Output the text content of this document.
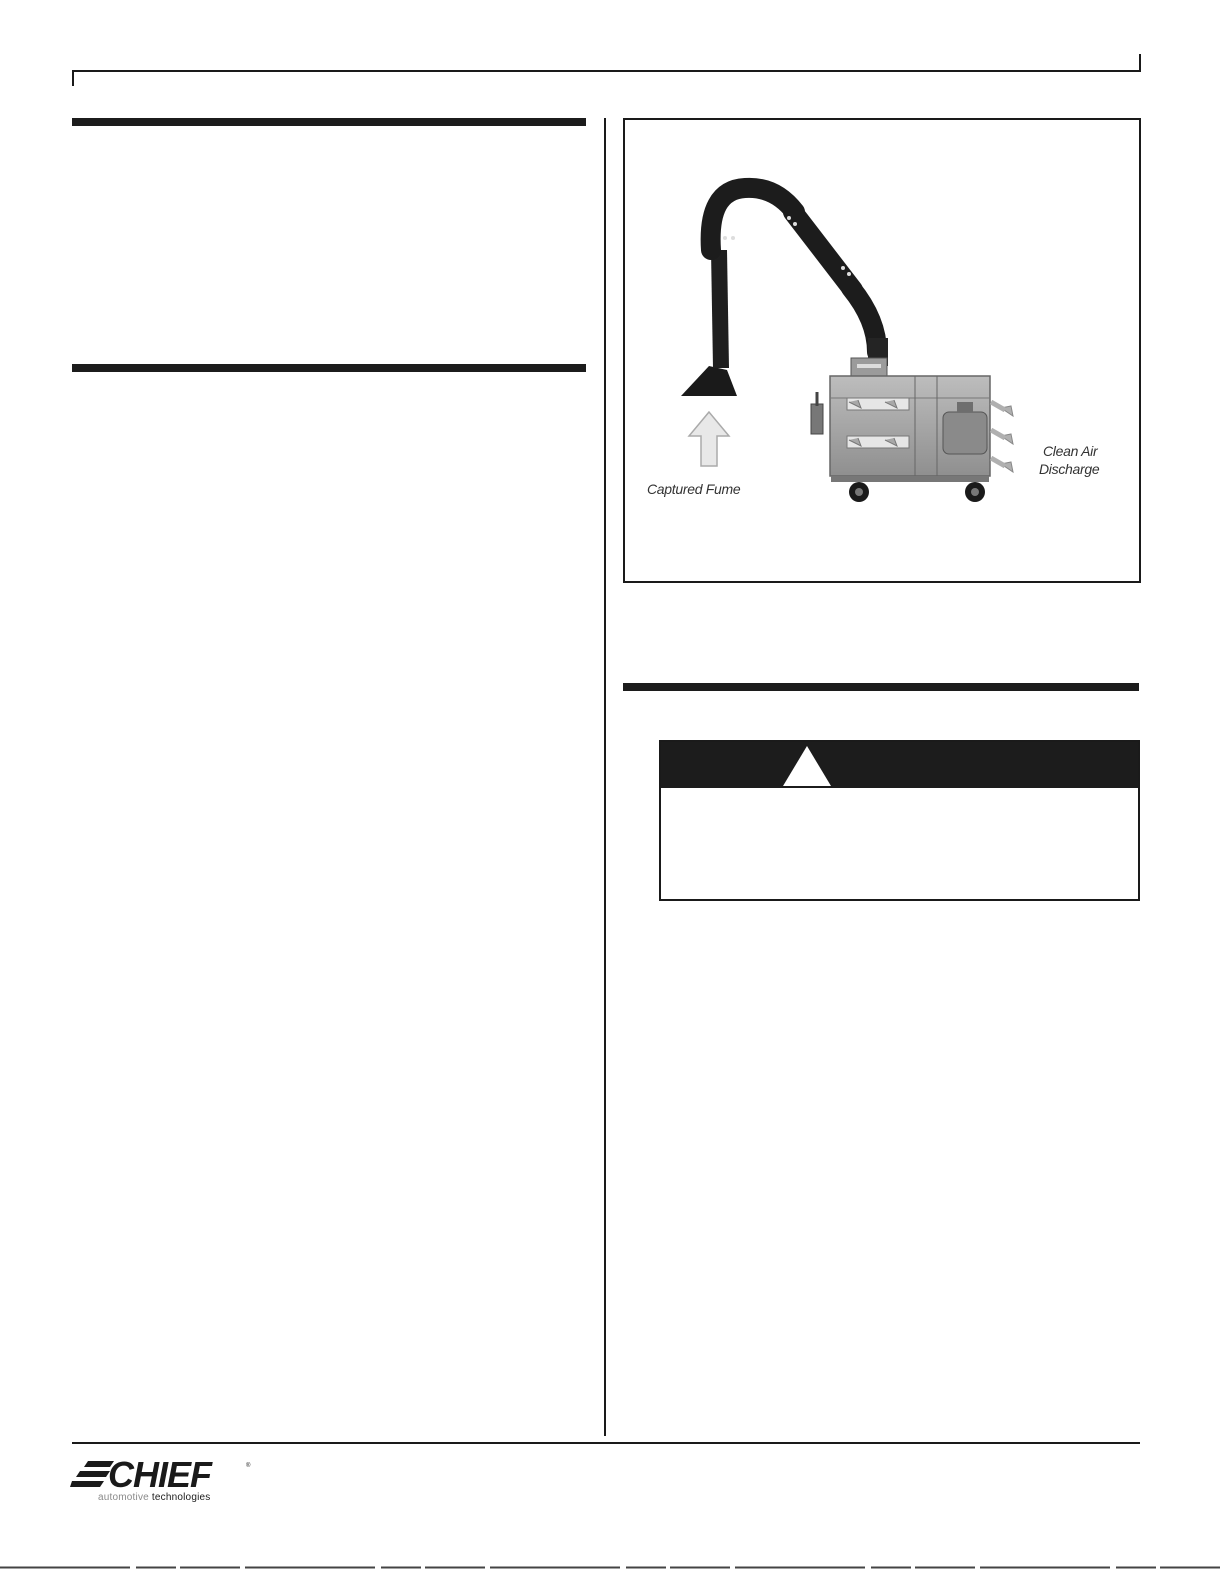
Captured Fume
Clean Air
Discharge
CHIEF	®
automotive technologies
